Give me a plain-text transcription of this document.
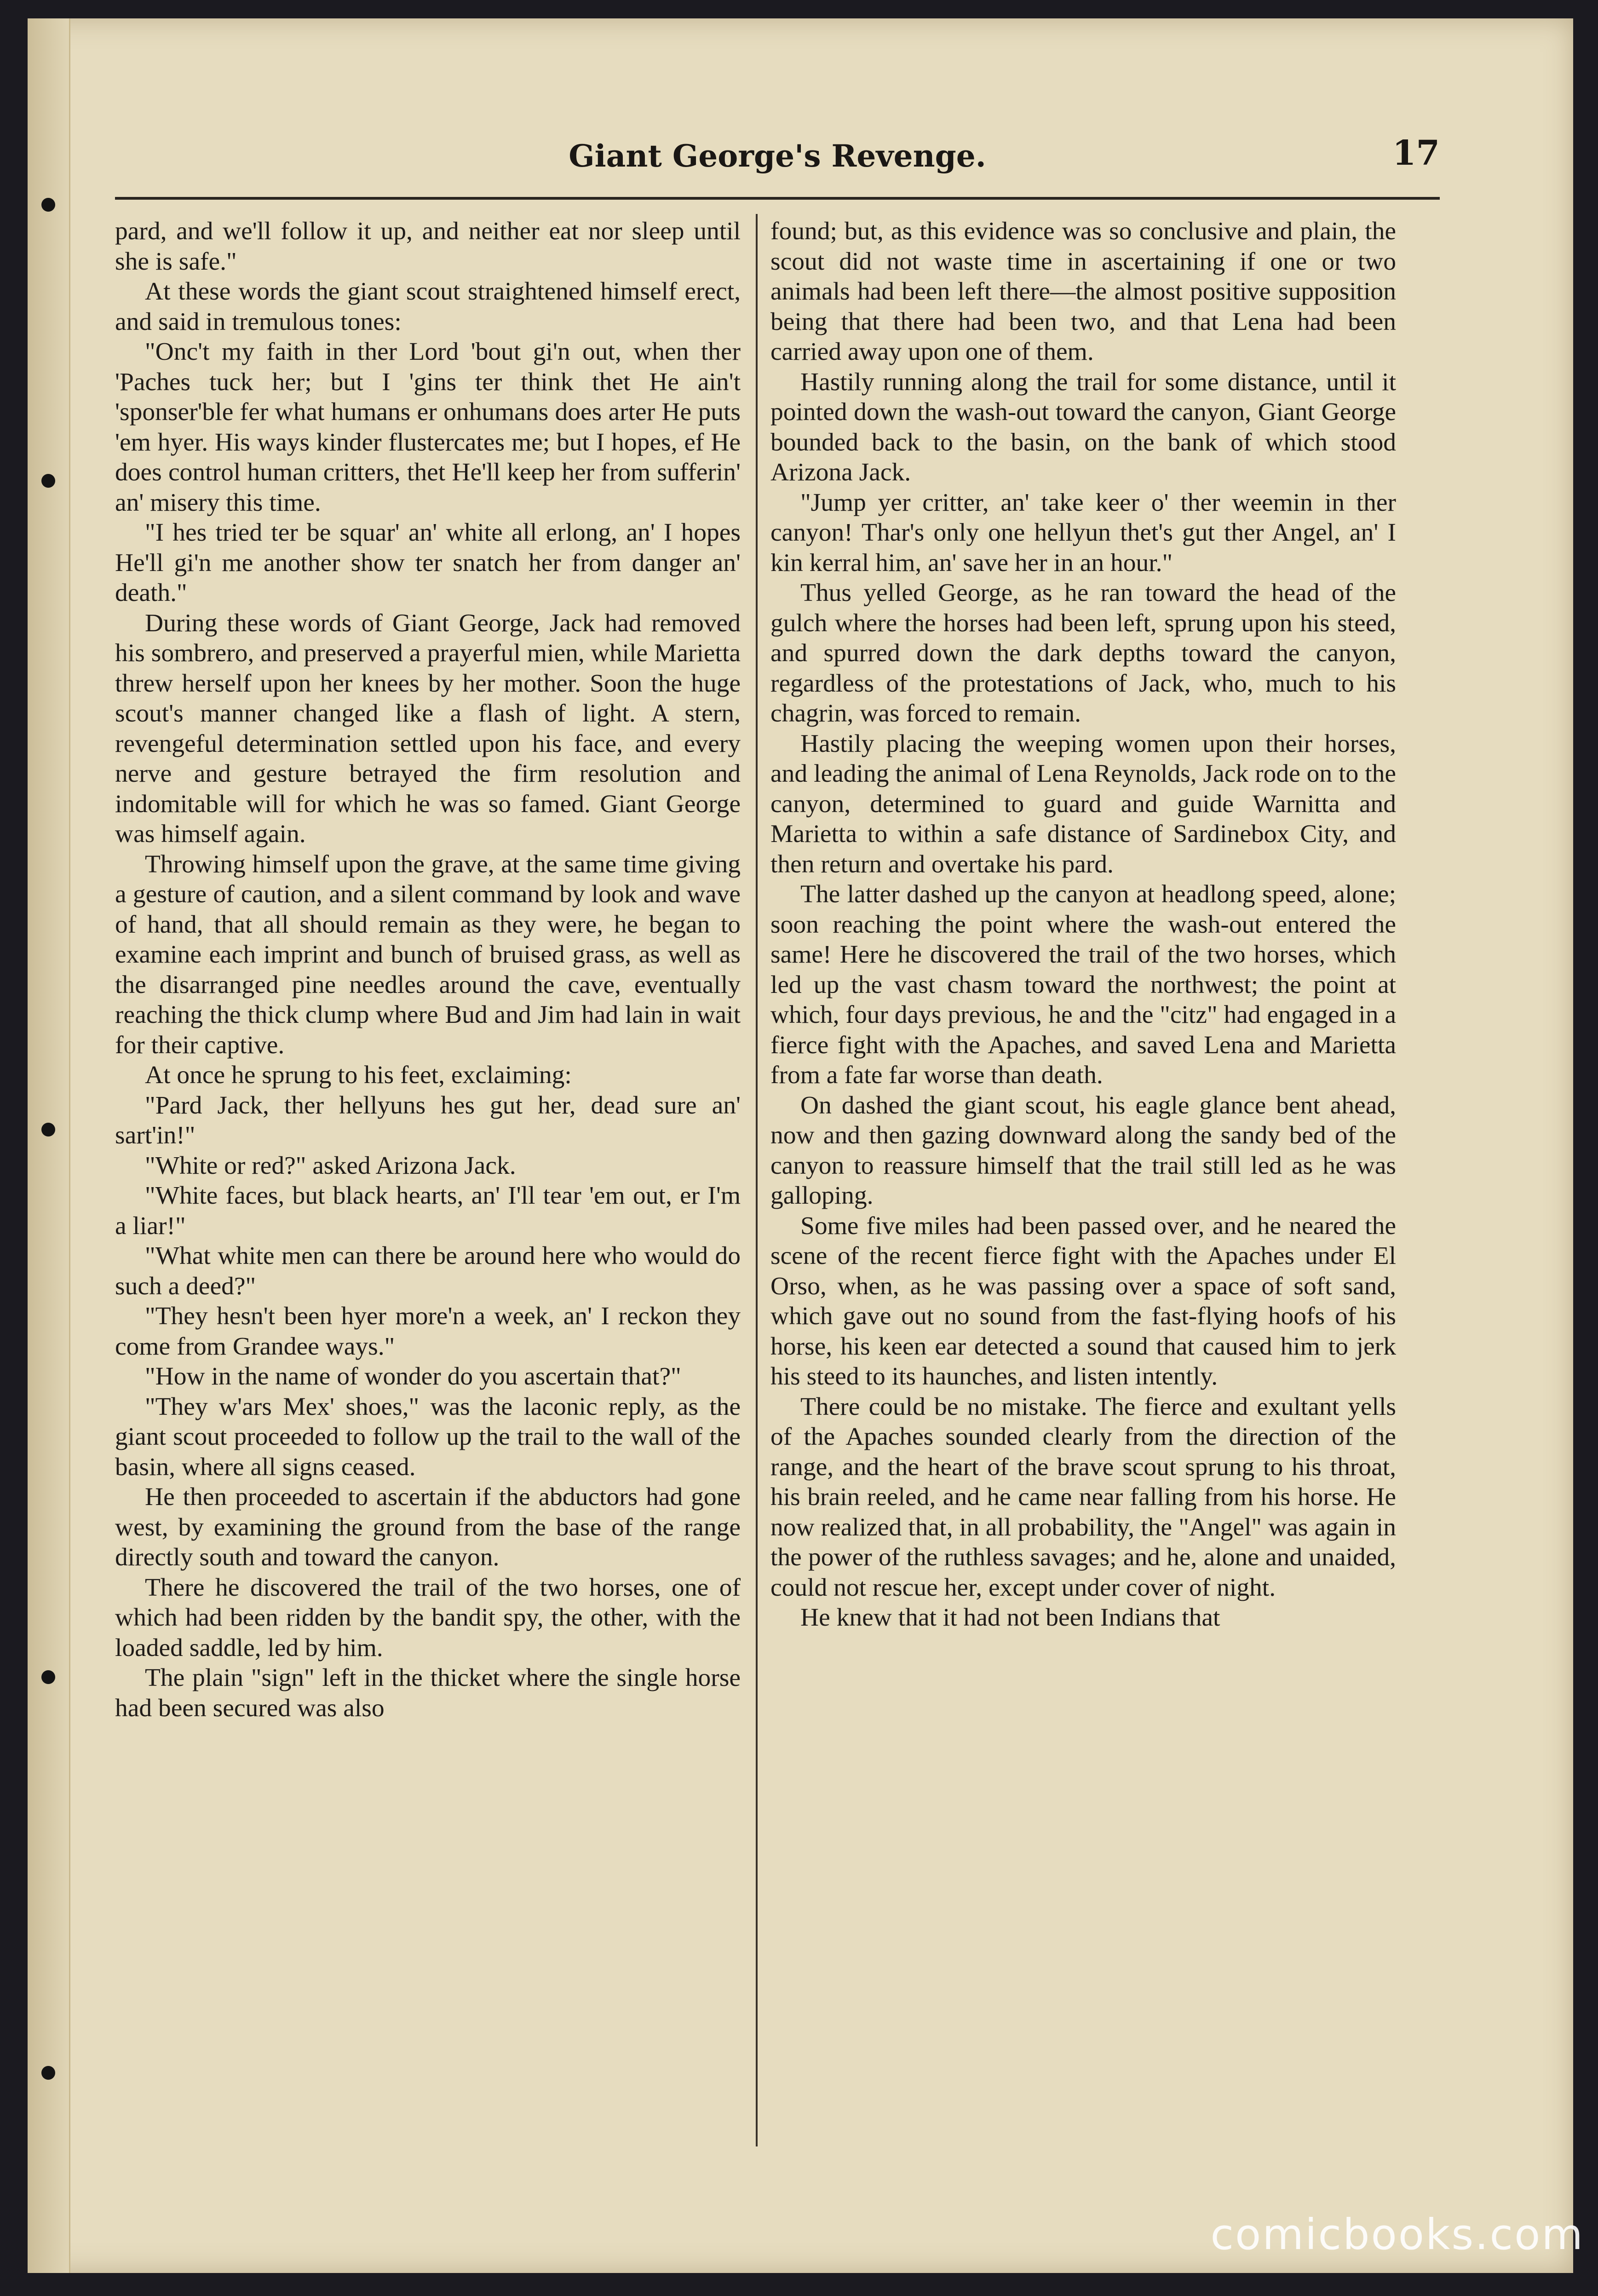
Giant George's Revenge.	17

pard, and we'll follow it up, and neither eat nor sleep until she is safe."

At these words the giant scout straightened himself erect, and said in tremulous tones:

"Onc't my faith in ther Lord 'bout gi'n out, when ther 'Paches tuck her; but I 'gins ter think thet He ain't 'sponser'ble fer what humans er onhumans does arter He puts 'em hyer. His ways kinder flustercates me; but I hopes, ef He does control human critters, thet He'll keep her from sufferin' an' misery this time.

"I hes tried ter be squar' an' white all erlong, an' I hopes He'll gi'n me another show ter snatch her from danger an' death."

During these words of Giant George, Jack had removed his sombrero, and preserved a prayerful mien, while Marietta threw herself upon her knees by her mother. Soon the huge scout's manner changed like a flash of light. A stern, revengeful determination settled upon his face, and every nerve and gesture betrayed the firm resolution and indomitable will for which he was so famed. Giant George was himself again.

Throwing himself upon the grave, at the same time giving a gesture of caution, and a silent command by look and wave of hand, that all should remain as they were, he began to examine each imprint and bunch of bruised grass, as well as the disarranged pine needles around the cave, eventually reaching the thick clump where Bud and Jim had lain in wait for their captive.

At once he sprung to his feet, exclaiming:

"Pard Jack, ther hellyuns hes gut her, dead sure an' sart'in!"

"White or red?" asked Arizona Jack.

"White faces, but black hearts, an' I'll tear 'em out, er I'm a liar!"

"What white men can there be around here who would do such a deed?"

"They hesn't been hyer more'n a week, an' I reckon they come from Grandee ways."

"How in the name of wonder do you ascertain that?"

"They w'ars Mex' shoes," was the laconic reply, as the giant scout proceeded to follow up the trail to the wall of the basin, where all signs ceased.

He then proceeded to ascertain if the abductors had gone west, by examining the ground from the base of the range directly south and toward the canyon.

There he discovered the trail of the two horses, one of which had been ridden by the bandit spy, the other, with the loaded saddle, led by him.

The plain "sign" left in the thicket where the single horse had been secured was also

found; but, as this evidence was so conclusive and plain, the scout did not waste time in ascertaining if one or two animals had been left there—the almost positive supposition being that there had been two, and that Lena had been carried away upon one of them.

Hastily running along the trail for some distance, until it pointed down the wash-out toward the canyon, Giant George bounded back to the basin, on the bank of which stood Arizona Jack.

"Jump yer critter, an' take keer o' ther weemin in ther canyon! Thar's only one hellyun thet's gut ther Angel, an' I kin kerral him, an' save her in an hour."

Thus yelled George, as he ran toward the head of the gulch where the horses had been left, sprung upon his steed, and spurred down the dark depths toward the canyon, regardless of the protestations of Jack, who, much to his chagrin, was forced to remain.

Hastily placing the weeping women upon their horses, and leading the animal of Lena Reynolds, Jack rode on to the canyon, determined to guard and guide Warnitta and Marietta to within a safe distance of Sardinebox City, and then return and overtake his pard.

The latter dashed up the canyon at headlong speed, alone; soon reaching the point where the wash-out entered the same! Here he discovered the trail of the two horses, which led up the vast chasm toward the northwest; the point at which, four days previous, he and the "citz" had engaged in a fierce fight with the Apaches, and saved Lena and Marietta from a fate far worse than death.

On dashed the giant scout, his eagle glance bent ahead, now and then gazing downward along the sandy bed of the canyon to reassure himself that the trail still led as he was galloping.

Some five miles had been passed over, and he neared the scene of the recent fierce fight with the Apaches under El Orso, when, as he was passing over a space of soft sand, which gave out no sound from the fast-flying hoofs of his horse, his keen ear detected a sound that caused him to jerk his steed to its haunches, and listen intently.

There could be no mistake. The fierce and exultant yells of the Apaches sounded clearly from the direction of the range, and the heart of the brave scout sprung to his throat, his brain reeled, and he came near falling from his horse. He now realized that, in all probability, the "Angel" was again in the power of the ruthless savages; and he, alone and unaided, could not rescue her, except under cover of night.

He knew that it had not been Indians that

comicbooks.com
